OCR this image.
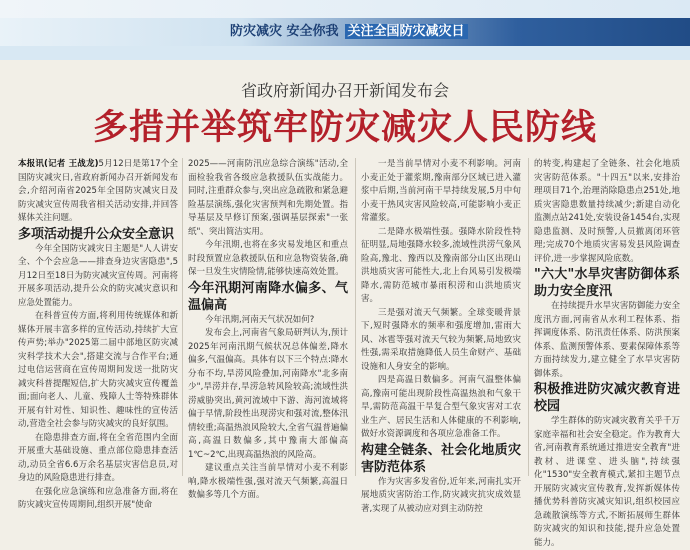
防灾减灾 安全你我 关注全国防灾减灾日
省政府新闻办召开新闻发布会
多措并举筑牢防灾减灾人民防线

本报讯(记者 王战龙)5月12日是第17个全国防灾减灾日,省政府新闻办召开新闻发布会,介绍河南省2025年全国防灾减灾日及防灾减灾宣传周我省相关活动安排,并回答媒体关注问题。

多项活动提升公众安全意识

今年全国防灾减灾日主题是"人人讲安全、个个会应急——排查身边灾害隐患",5月12日至18日为防灾减灾宣传周。河南将开展多项活动,提升公众的防灾减灾意识和应急处置能力。

在科普宣传方面,将利用传统媒体和新媒体开展丰富多样的宣传活动,持续扩大宣传声势;举办"2025第二届中部地区防灾减灾科学技术大会",搭建交流与合作平台;通过电信运营商在宣传周期间发送一批防灾减灾科普提醒短信,扩大防灾减灾宣传覆盖面;面向老人、儿童、残障人士等特殊群体开展有针对性、知识性、趣味性的宣传活动,营造全社会参与防灾减灾的良好氛围。

在隐患排查方面,将在全省范围内全面开展重大基础设施、重点部位隐患排查活动,动员全省6.6万余名基层灾害信息员,对身边的风险隐患进行排查。

在强化应急演练和应急准备方面,将在防灾减灾宣传周期间,组织开展"使命

2025——河南防汛应急综合演练"活动,全面检验我省各级应急救援队伍实战能力。同时,注重群众参与,突出应急疏散和紧急避险基层演练,强化灾害预判和先期处置。指导基层及早修订预案,强调基层探索"一张纸"、突出简洁实用。

今年汛期,也将在多灾易发地区和重点时段预置应急救援队伍和应急物资装备,确保一旦发生灾情险情,能够快速高效处置。

今年汛期河南降水偏多、气温偏高

今年汛期,河南天气状况如何?

发布会上,河南省气象局研判认为,预计2025年河南汛期气候状况总体偏差,降水偏多,气温偏高。具体有以下三个特点:降水分布不均,旱涝风险叠加,河南降水"北多南少",旱涝并存,旱涝急转风险较高;流域性洪涝威胁突出,黄河流域中下游、海河流域将偏于早情,阶段性出现涝灾和强对流,整体汛情较重;高温热浪风险较大,全省气温普遍偏高,高温日数偏多,其中豫南大部偏高1℃~2℃,出现高温热浪的风险高。

建议重点关注当前旱情对小麦不利影响,降水极端性强,强对流天气频繁,高温日数偏多等几个方面。

一是当前旱情对小麦不利影响。河南小麦正处于灌浆期,豫南部分区域已进入灌浆中后期,当前河南干旱持续发展,5月中旬小麦干热风灾害风险较高,可能影响小麦正常灌浆。

二是降水极端性强。强降水阶段性特征明显,局地强降水较多,流域性洪涝气象风险高,豫北、豫西以及豫南部分山区出现山洪地质灾害可能性大,北上台风易引发极端降水,需防范城市暴雨积涝和山洪地质灾害。

三是强对流天气频繁。全球变暖背景下,短时强降水的频率和强度增加,雷雨大风、冰雹等强对流天气较为频繁,局地致灾性强,需采取措施降低人员生命财产、基础设施和人身安全的影响。

四是高温日数偏多。河南气温整体偏高,豫南可能出现阶段性高温热浪和气象干旱,需防范高温干旱复合型气象灾害对工农业生产、居民生活和人体健康的不利影响,做好水资源调度和各项应急准备工作。

构建全链条、社会化地质灾害防范体系

作为灾害多发省份,近年来,河南扎实开展地质灾害防治工作,防灾减灾抗灾成效显著,实现了从被动应对到主动防控

的转变,构建起了全链条、社会化地质灾害防范体系。"十四五"以来,安排治理项目71个,治理消除隐患点251处,地质灾害隐患数量持续减少;新建自动化监测点站241处,安装设备1454台,实现隐患监测、及时预警,人员撤离闭环管理;完成70个地质灾害易发县风险调查评价,进一步掌握风险底数。

"六大"水旱灾害防御体系助力安全度汛

在持续提升水旱灾害防御能力安全度汛方面,河南省从水利工程体系、指挥调度体系、防汛责任体系、防洪预案体系、监测预警体系、要素保障体系等方面持续发力,建立健全了水旱灾害防御体系。

积极推进防灾减灾教育进校园

学生群体的防灾减灾教育关乎千万家庭幸福和社会安全稳定。作为教育大省,河南教育系统通过推进安全教育"进教材、进课堂、进头脑",持续强化"1530"安全教育模式,紧扣主题节点开展防灾减灾宣传教育,发挥新媒体传播优势科普防灾减灾知识,组织校园应急疏散演练等方式,不断拓展师生群体防灾减灾的知识和技能,提升应急处置能力。
